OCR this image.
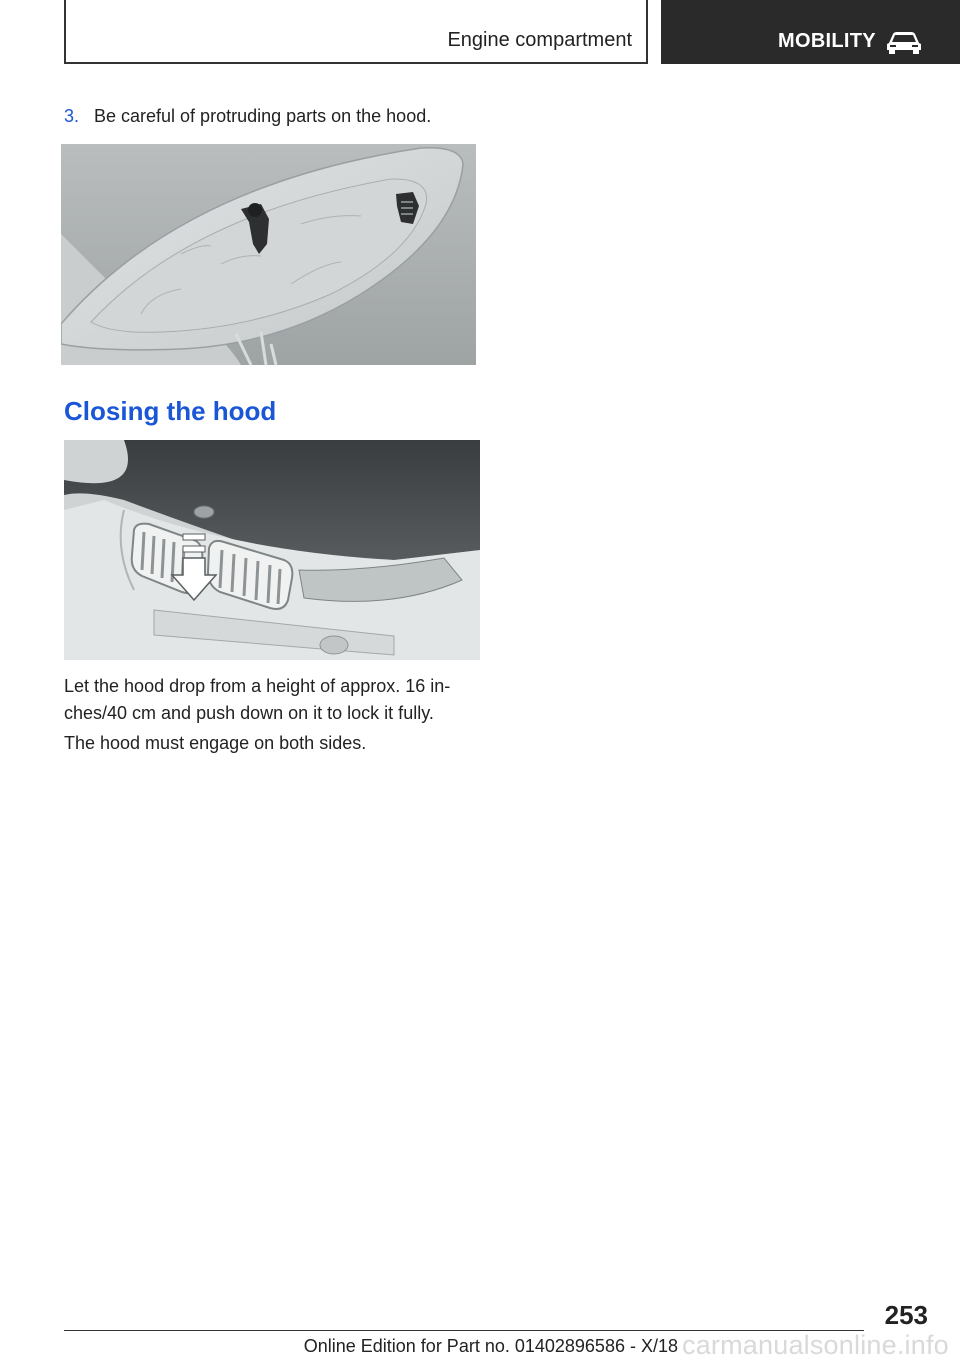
Engine compartment	MOBILITY
3. Be careful of protruding parts on the hood.
Closing the hood

Let the hood drop from a height of approx. 16 in‐ches/40 cm and push down on it to lock it fully.

The hood must engage on both sides.

253
Online Edition for Part no. 01402896586 - X/18 carmanualsonline.info
